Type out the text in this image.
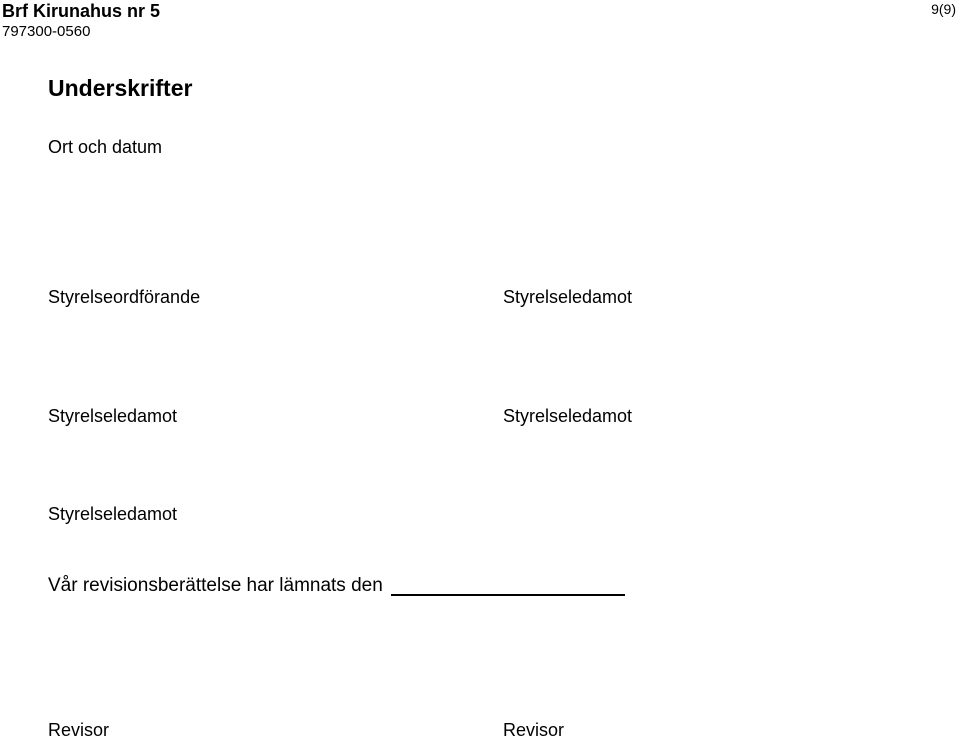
Brf Kirunahus nr 5
797300-0560
9(9)
Underskrifter
Ort och datum
Styrelseordförande	Styrelseledamot
Styrelseledamot	Styrelseledamot
Styrelseledamot
Vår revisionsberättelse har lämnats den
Revisor	Revisor
